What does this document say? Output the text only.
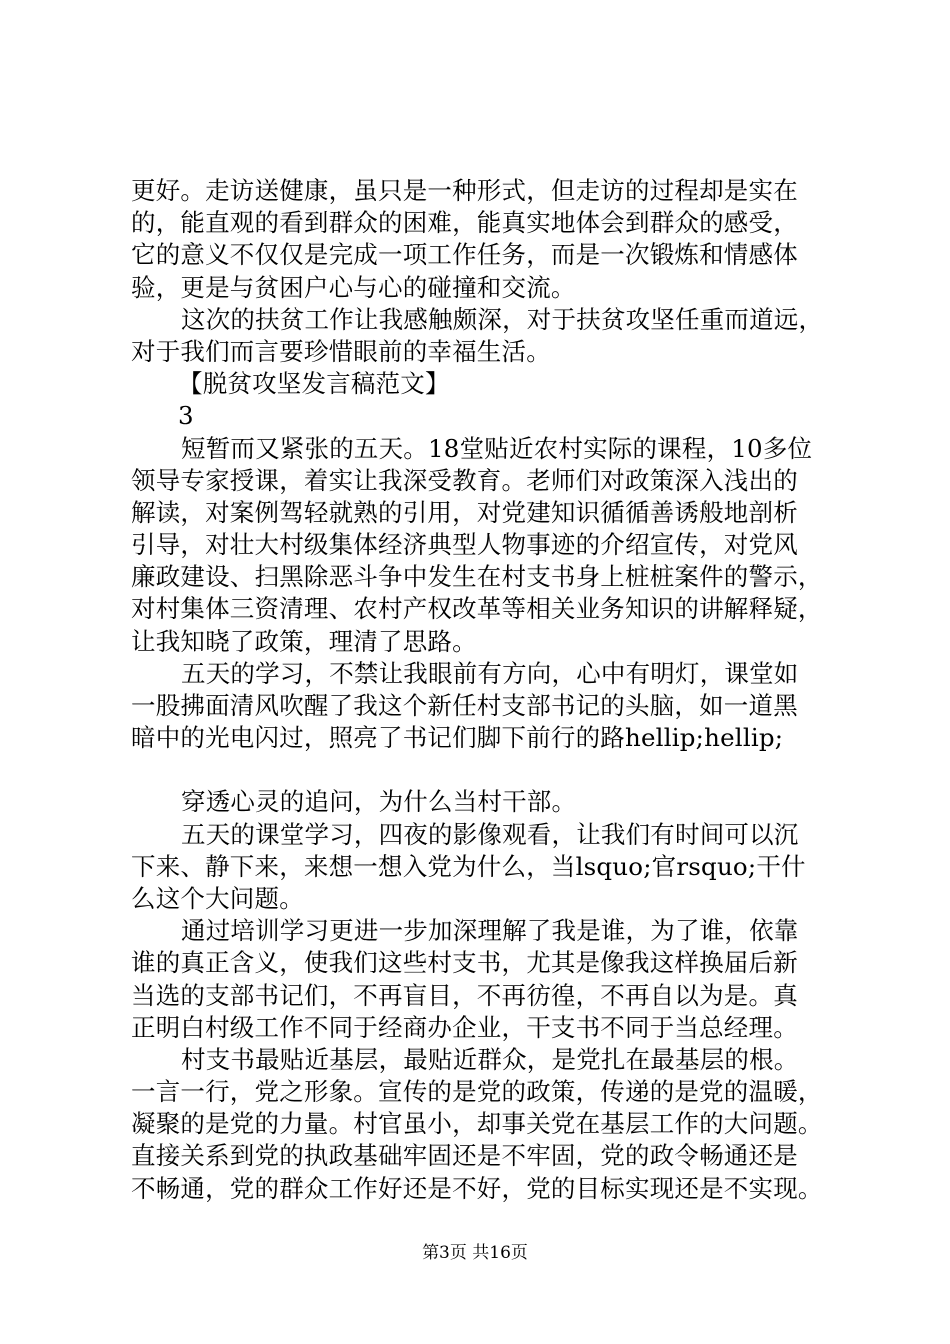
更好。走访送健康，虽只是一种形式，但走访的过程却是实在
的，能直观的看到群众的困难，能真实地体会到群众的感受，
它的意义不仅仅是完成一项工作任务，而是一次锻炼和情感体
验，更是与贫困户心与心的碰撞和交流。
这次的扶贫工作让我感触颇深，对于扶贫攻坚任重而道远，
对于我们而言要珍惜眼前的幸福生活。
【脱贫攻坚发言稿范文】
3
短暂而又紧张的五天。18堂贴近农村实际的课程，10多位
领导专家授课，着实让我深受教育。老师们对政策深入浅出的
解读，对案例驾轻就熟的引用，对党建知识循循善诱般地剖析
引导，对壮大村级集体经济典型人物事迹的介绍宣传，对党风
廉政建设、扫黑除恶斗争中发生在村支书身上桩桩案件的警示，
对村集体三资清理、农村产权改革等相关业务知识的讲解释疑，
让我知晓了政策，理清了思路。
五天的学习，不禁让我眼前有方向，心中有明灯，课堂如
一股拂面清风吹醒了我这个新任村支部书记的头脑，如一道黑
暗中的光电闪过，照亮了书记们脚下前行的路hellip;hellip;
穿透心灵的追问，为什么当村干部。
五天的课堂学习，四夜的影像观看，让我们有时间可以沉
下来、静下来，来想一想入党为什么，当lsquo;官rsquo;干什
么这个大问题。
通过培训学习更进一步加深理解了我是谁，为了谁，依靠
谁的真正含义，使我们这些村支书，尤其是像我这样换届后新
当选的支部书记们，不再盲目，不再彷徨，不再自以为是。真
正明白村级工作不同于经商办企业，干支书不同于当总经理。
村支书最贴近基层，最贴近群众，是党扎在最基层的根。
一言一行，党之形象。宣传的是党的政策，传递的是党的温暖，
凝聚的是党的力量。村官虽小，却事关党在基层工作的大问题。
直接关系到党的执政基础牢固还是不牢固，党的政令畅通还是
不畅通，党的群众工作好还是不好，党的目标实现还是不实现。
第3页 共16页
